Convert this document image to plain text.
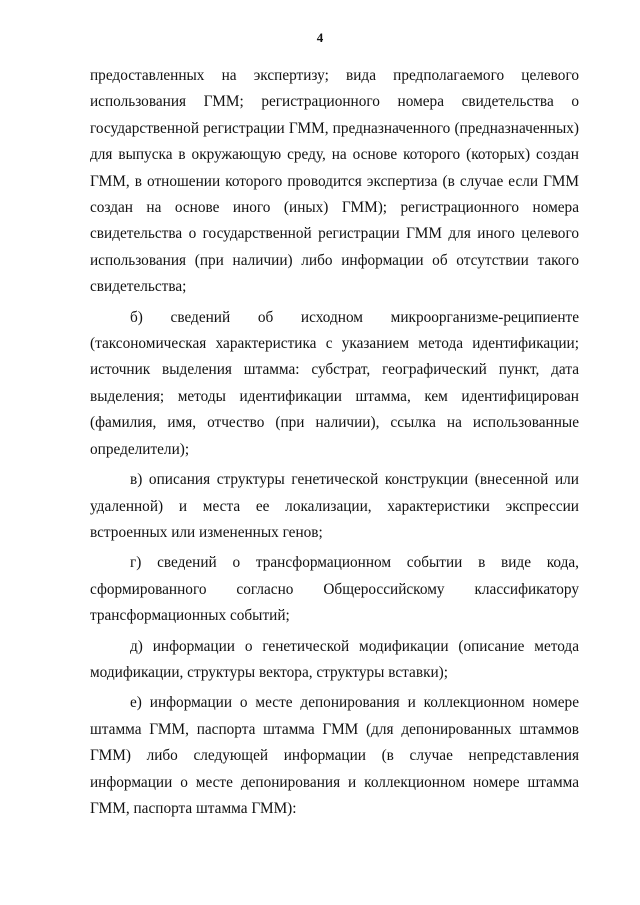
4

предоставленных на экспертизу; вида предполагаемого целевого использования ГММ; регистрационного номера свидетельства о государственной регистрации ГММ, предназначенного (предназначенных) для выпуска в окружающую среду, на основе которого (которых) создан ГММ, в отношении которого проводится экспертиза (в случае если ГММ создан на основе иного (иных) ГММ); регистрационного номера свидетельства о государственной регистрации ГММ для иного целевого использования (при наличии) либо информации об отсутствии такого свидетельства;

б) сведений об исходном микроорганизме-реципиенте (таксономическая характеристика с указанием метода идентификации; источник выделения штамма: субстрат, географический пункт, дата выделения; методы идентификации штамма, кем идентифицирован (фамилия, имя, отчество (при наличии), ссылка на использованные определители);

в) описания структуры генетической конструкции (внесенной или удаленной) и места ее локализации, характеристики экспрессии встроенных или измененных генов;

г) сведений о трансформационном событии в виде кода, сформированного согласно Общероссийскому классификатору трансформационных событий;

д) информации о генетической модификации (описание метода модификации, структуры вектора, структуры вставки);

е) информации о месте депонирования и коллекционном номере штамма ГММ, паспорта штамма ГММ (для депонированных штаммов ГММ) либо следующей информации (в случае непредставления информации о месте депонирования и коллекционном номере штамма ГММ, паспорта штамма ГММ):
